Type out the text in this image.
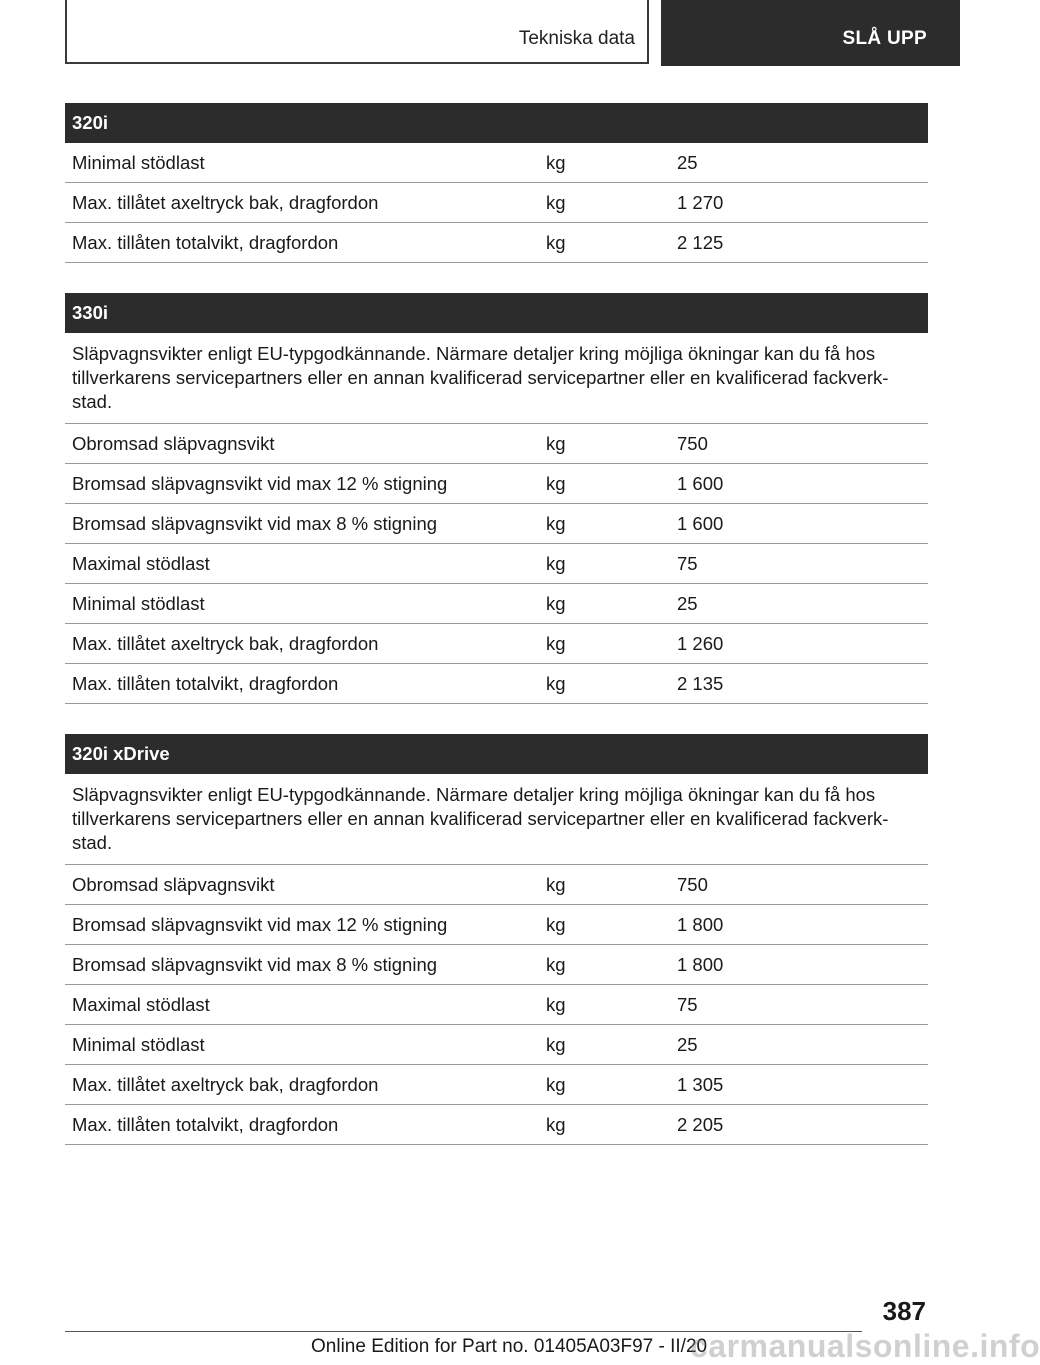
Tekniska data	SLÅ UPP
320i
Minimal stödlast	kg	25
Max. tillåtet axeltryck bak, dragfordon	kg	1 270
Max. tillåten totalvikt, dragfordon	kg	2 125
330i
Släpvagnsvikter enligt EU-typgodkännande. Närmare detaljer kring möjliga ökningar kan du få hos tillverkarens servicepartners eller en annan kvalificerad servicepartner eller en kvalificerad fackverkstad.
Obromsad släpvagnsvikt	kg	750
Bromsad släpvagnsvikt vid max 12 % stigning	kg	1 600
Bromsad släpvagnsvikt vid max 8 % stigning	kg	1 600
Maximal stödlast	kg	75
Minimal stödlast	kg	25
Max. tillåtet axeltryck bak, dragfordon	kg	1 260
Max. tillåten totalvikt, dragfordon	kg	2 135
320i xDrive
Släpvagnsvikter enligt EU-typgodkännande. Närmare detaljer kring möjliga ökningar kan du få hos tillverkarens servicepartners eller en annan kvalificerad servicepartner eller en kvalificerad fackverkstad.
Obromsad släpvagnsvikt	kg	750
Bromsad släpvagnsvikt vid max 12 % stigning	kg	1 800
Bromsad släpvagnsvikt vid max 8 % stigning	kg	1 800
Maximal stödlast	kg	75
Minimal stödlast	kg	25
Max. tillåtet axeltryck bak, dragfordon	kg	1 305
Max. tillåten totalvikt, dragfordon	kg	2 205
387
Online Edition for Part no. 01405A03F97 - II/20
carmanualsonline.info
